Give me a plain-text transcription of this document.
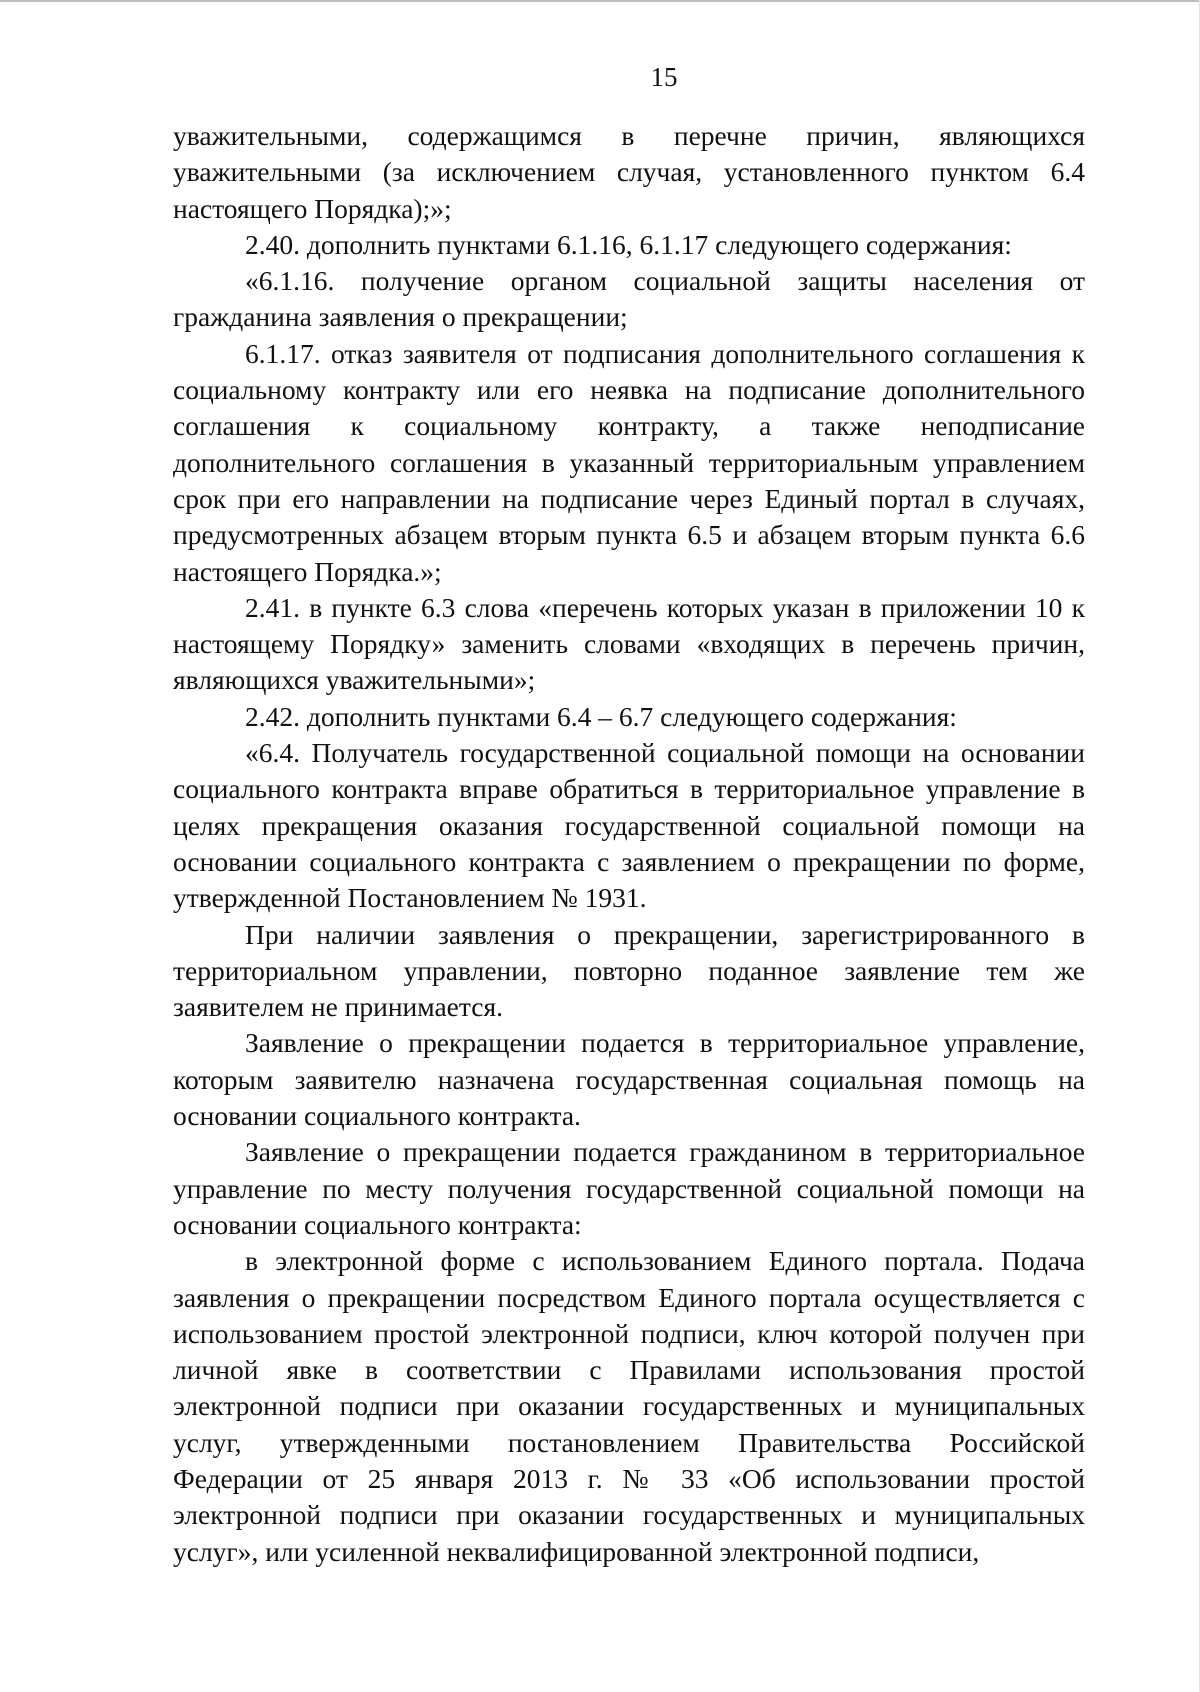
15

уважительными, содержащимся в перечне причин, являющихся уважительными (за исключением случая, установленного пунктом 6.4 настоящего Порядка);»;

2.40. дополнить пунктами 6.1.16, 6.1.17 следующего содержания:

«6.1.16. получение органом социальной защиты населения от гражданина заявления о прекращении;

6.1.17. отказ заявителя от подписания дополнительного соглашения к социальному контракту или его неявка на подписание дополнительного соглашения к социальному контракту, а также неподписание дополнительного соглашения в указанный территориальным управлением срок при его направлении на подписание через Единый портал в случаях, предусмотренных абзацем вторым пункта 6.5 и абзацем вторым пункта 6.6 настоящего Порядка.»;

2.41. в пункте 6.3 слова «перечень которых указан в приложении 10 к настоящему Порядку» заменить словами «входящих в перечень причин, являющихся уважительными»;

2.42. дополнить пунктами 6.4 – 6.7 следующего содержания:

«6.4. Получатель государственной социальной помощи на основании социального контракта вправе обратиться в территориальное управление в целях прекращения оказания государственной социальной помощи на основании социального контракта с заявлением о прекращении по форме, утвержденной Постановлением № 1931.

При наличии заявления о прекращении, зарегистрированного в территориальном управлении, повторно поданное заявление тем же заявителем не принимается.

Заявление о прекращении подается в территориальное управление, которым заявителю назначена государственная социальная помощь на основании социального контракта.

Заявление о прекращении подается гражданином в территориальное управление по месту получения государственной социальной помощи на основании социального контракта:

в электронной форме с использованием Единого портала. Подача заявления о прекращении посредством Единого портала осуществляется с использованием простой электронной подписи, ключ которой получен при личной явке в соответствии с Правилами использования простой электронной подписи при оказании государственных и муниципальных услуг, утвержденными постановлением Правительства Российской Федерации от 25 января 2013 г. № 33 «Об использовании простой электронной подписи при оказании государственных и муниципальных услуг», или усиленной неквалифицированной электронной подписи,
